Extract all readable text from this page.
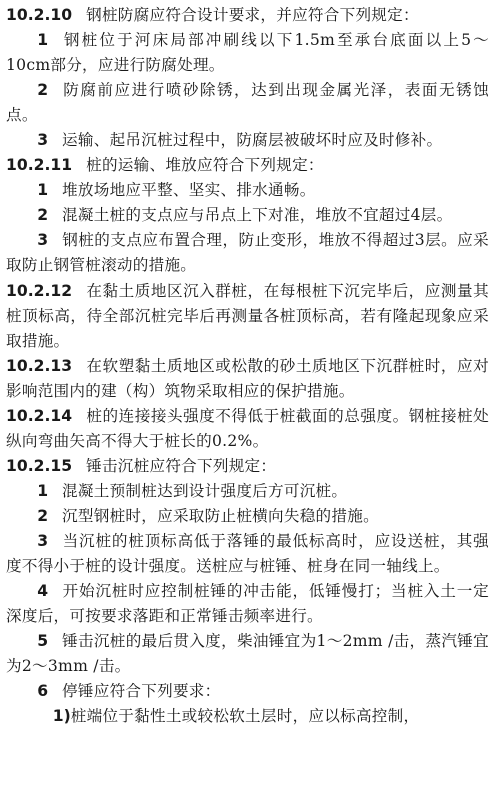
10.2.10 钢桩防腐应符合设计要求，并应符合下列规定：

1 钢桩位于河床局部冲刷线以下1.5m至承台底面以上5～10cm部分，应进行防腐处理。

2 防腐前应进行喷砂除锈，达到出现金属光泽，表面无锈蚀点。

3 运输、起吊沉桩过程中，防腐层被破坏时应及时修补。

10.2.11 桩的运输、堆放应符合下列规定：

1 堆放场地应平整、坚实、排水通畅。

2 混凝土桩的支点应与吊点上下对准，堆放不宜超过4层。

3 钢桩的支点应布置合理，防止变形，堆放不得超过3层。应采取防止钢管桩滚动的措施。

10.2.12 在黏土质地区沉入群桩，在每根桩下沉完毕后，应测量其桩顶标高，待全部沉桩完毕后再测量各桩顶标高，若有隆起现象应采取措施。

10.2.13 在软塑黏土质地区或松散的砂土质地区下沉群桩时，应对影响范围内的建（构）筑物采取相应的保护措施。

10.2.14 桩的连接接头强度不得低于桩截面的总强度。钢桩接桩处纵向弯曲矢高不得大于桩长的0.2%。

10.2.15 锤击沉桩应符合下列规定：

1 混凝土预制桩达到设计强度后方可沉桩。

2 沉型钢桩时，应采取防止桩横向失稳的措施。

3 当沉桩的桩顶标高低于落锤的最低标高时，应设送桩，其强度不得小于桩的设计强度。送桩应与桩锤、桩身在同一轴线上。

4 开始沉桩时应控制桩锤的冲击能，低锤慢打；当桩入土一定深度后，可按要求落距和正常锤击频率进行。

5 锤击沉桩的最后贯入度，柴油锤宜为1～2mm /击，蒸汽锤宜为2～3mm /击。

6 停锤应符合下列要求：

1)桩端位于黏性土或较松软土层时，应以标高控制，
